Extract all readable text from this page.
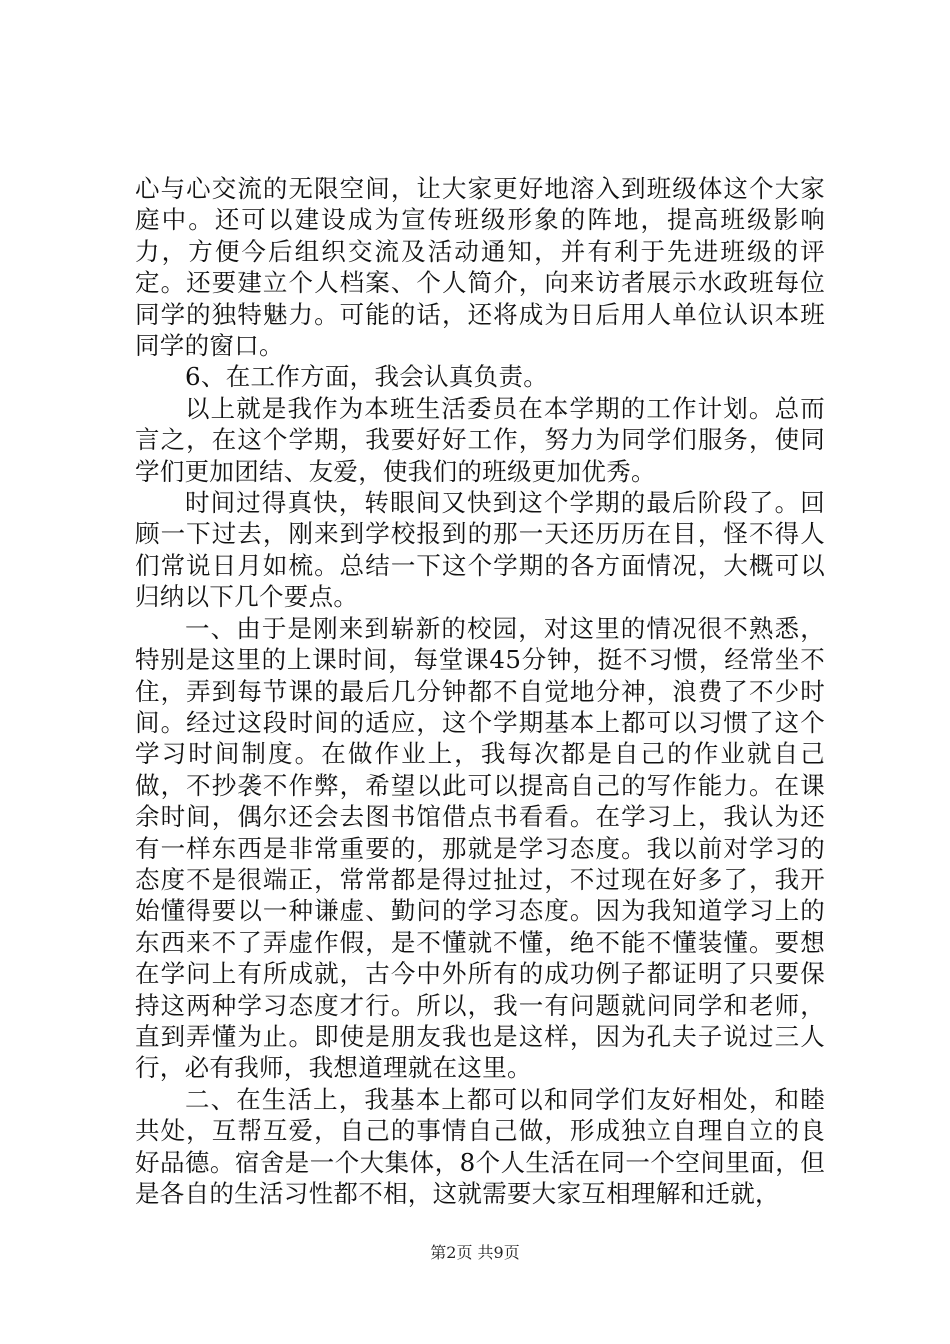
心与心交流的无限空间，让大家更好地溶入到班级体这个大家庭中。还可以建设成为宣传班级形象的阵地，提高班级影响力，方便今后组织交流及活动通知，并有利于先进班级的评定。还要建立个人档案、个人简介，向来访者展示水政班每位同学的独特魅力。可能的话，还将成为日后用人单位认识本班同学的窗口。

6、在工作方面，我会认真负责。

以上就是我作为本班生活委员在本学期的工作计划。总而言之，在这个学期，我要好好工作，努力为同学们服务，使同学们更加团结、友爱，使我们的班级更加优秀。

时间过得真快，转眼间又快到这个学期的最后阶段了。回顾一下过去，刚来到学校报到的那一天还历历在目，怪不得人们常说日月如梳。总结一下这个学期的各方面情况，大概可以归纳以下几个要点。

一、由于是刚来到崭新的校园，对这里的情况很不熟悉，特别是这里的上课时间，每堂课45分钟，挺不习惯，经常坐不住，弄到每节课的最后几分钟都不自觉地分神，浪费了不少时间。经过这段时间的适应，这个学期基本上都可以习惯了这个学习时间制度。在做作业上，我每次都是自己的作业就自己做，不抄袭不作弊，希望以此可以提高自己的写作能力。在课余时间，偶尔还会去图书馆借点书看看。在学习上，我认为还有一样东西是非常重要的，那就是学习态度。我以前对学习的态度不是很端正，常常都是得过扯过，不过现在好多了，我开始懂得要以一种谦虚、勤问的学习态度。因为我知道学习上的东西来不了弄虚作假，是不懂就不懂，绝不能不懂装懂。要想在学问上有所成就，古今中外所有的成功例子都证明了只要保持这两种学习态度才行。所以，我一有问题就问同学和老师，直到弄懂为止。即使是朋友我也是这样，因为孔夫子说过三人行，必有我师，我想道理就在这里。

二、在生活上，我基本上都可以和同学们友好相处，和睦共处，互帮互爱，自己的事情自己做，形成独立自理自立的良好品德。宿舍是一个大集体，8个人生活在同一个空间里面，但是各自的生活习性都不相，这就需要大家互相理解和迁就，

第2页 共9页
